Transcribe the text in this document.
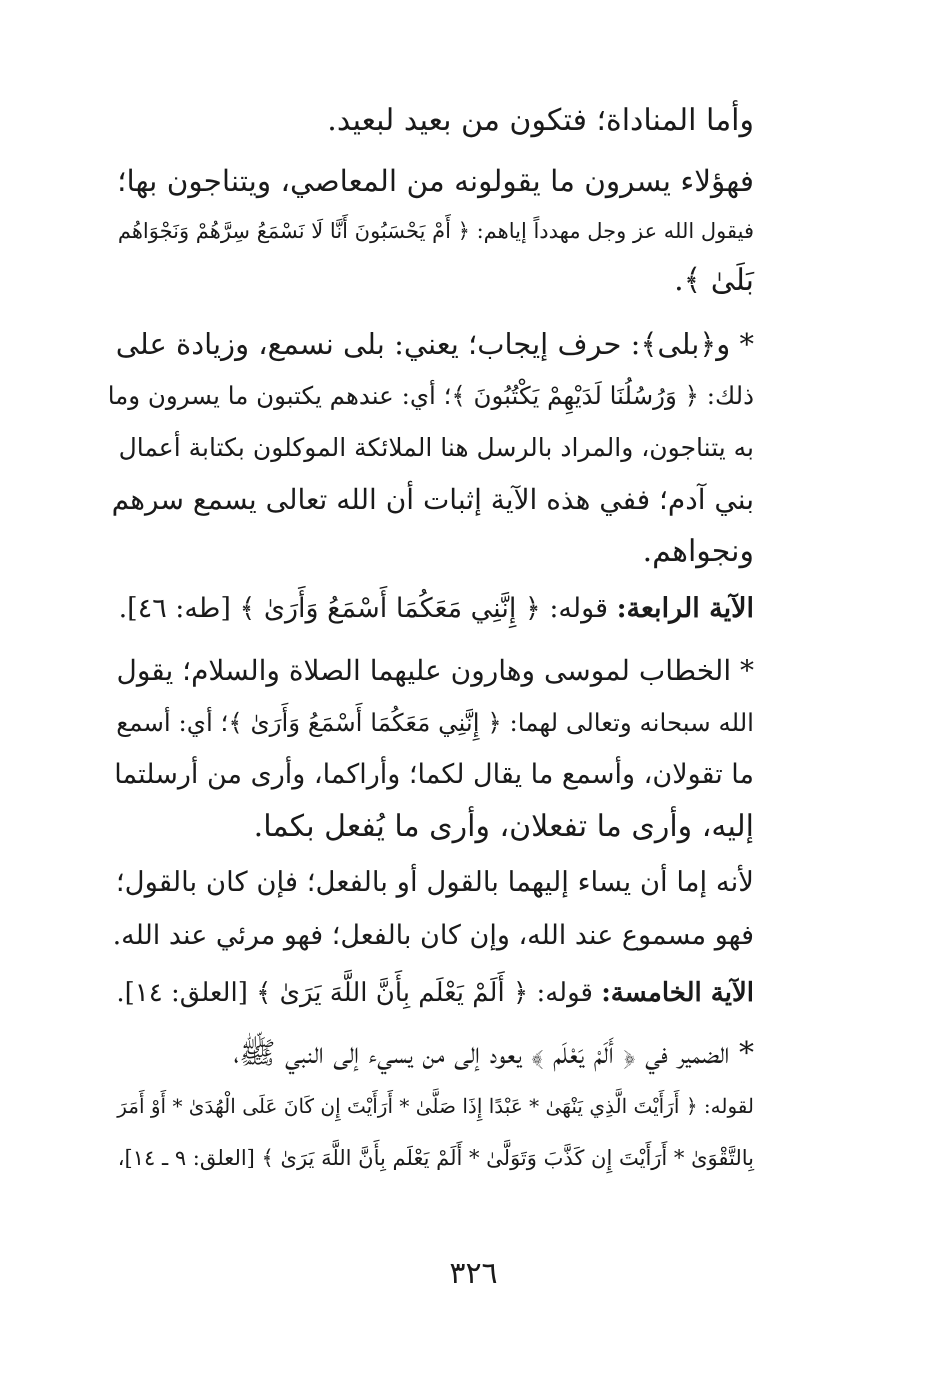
وأما المناداة؛ فتكون من بعيد لبعيد.

فهؤلاء يسرون ما يقولونه من المعاصي، ويتناجون بها؛
فيقول الله عز وجل مهدداً إياهم: ﴿ أَمْ يَحْسَبُونَ أَنَّا لَا نَسْمَعُ سِرَّهُمْ وَنَجْوَاهُم
بَلَىٰ ﴾.

* و﴿بلى﴾: حرف إيجاب؛ يعني: بلى نسمع، وزيادة على
ذلك: ﴿ وَرُسُلُنَا لَدَيْهِمْ يَكْتُبُونَ ﴾؛ أي: عندهم يكتبون ما يسرون وما
به يتناجون، والمراد بالرسل هنا الملائكة الموكلون بكتابة أعمال
بني آدم؛ ففي هذه الآية إثبات أن الله تعالى يسمع سرهم
ونجواهم.

الآية الرابعة: قوله: ﴿ إِنَّنِي مَعَكُمَا أَسْمَعُ وَأَرَىٰ ﴾ [طه: ٤٦].

* الخطاب لموسى وهارون عليهما الصلاة والسلام؛ يقول
الله سبحانه وتعالى لهما: ﴿ إِنَّنِي مَعَكُمَا أَسْمَعُ وَأَرَىٰ ﴾؛ أي: أسمع
ما تقولان، وأسمع ما يقال لكما؛ وأراكما، وأرى من أرسلتما
إليه، وأرى ما تفعلان، وأرى ما يُفعل بكما.

لأنه إما أن يساء إليهما بالقول أو بالفعل؛ فإن كان بالقول؛
فهو مسموع عند الله، وإن كان بالفعل؛ فهو مرئي عند الله.

الآية الخامسة: قوله: ﴿ أَلَمْ يَعْلَم بِأَنَّ اللَّهَ يَرَىٰ ﴾ [العلق: ١٤].

* الضمير في ﴿ أَلَمْ يَعْلَم ﴾ يعود إلى من يسيء إلى النبي ﷺ،
لقوله: ﴿ أَرَأَيْتَ الَّذِي يَنْهَىٰ * عَبْدًا إِذَا صَلَّىٰ * أَرَأَيْتَ إِن كَانَ عَلَى الْهُدَىٰ * أَوْ أَمَرَ
بِالتَّقْوَىٰ * أَرَأَيْتَ إِن كَذَّبَ وَتَوَلَّىٰ * أَلَمْ يَعْلَم بِأَنَّ اللَّهَ يَرَىٰ ﴾ [العلق: ٩ ـ ١٤]،

٣٢٦
